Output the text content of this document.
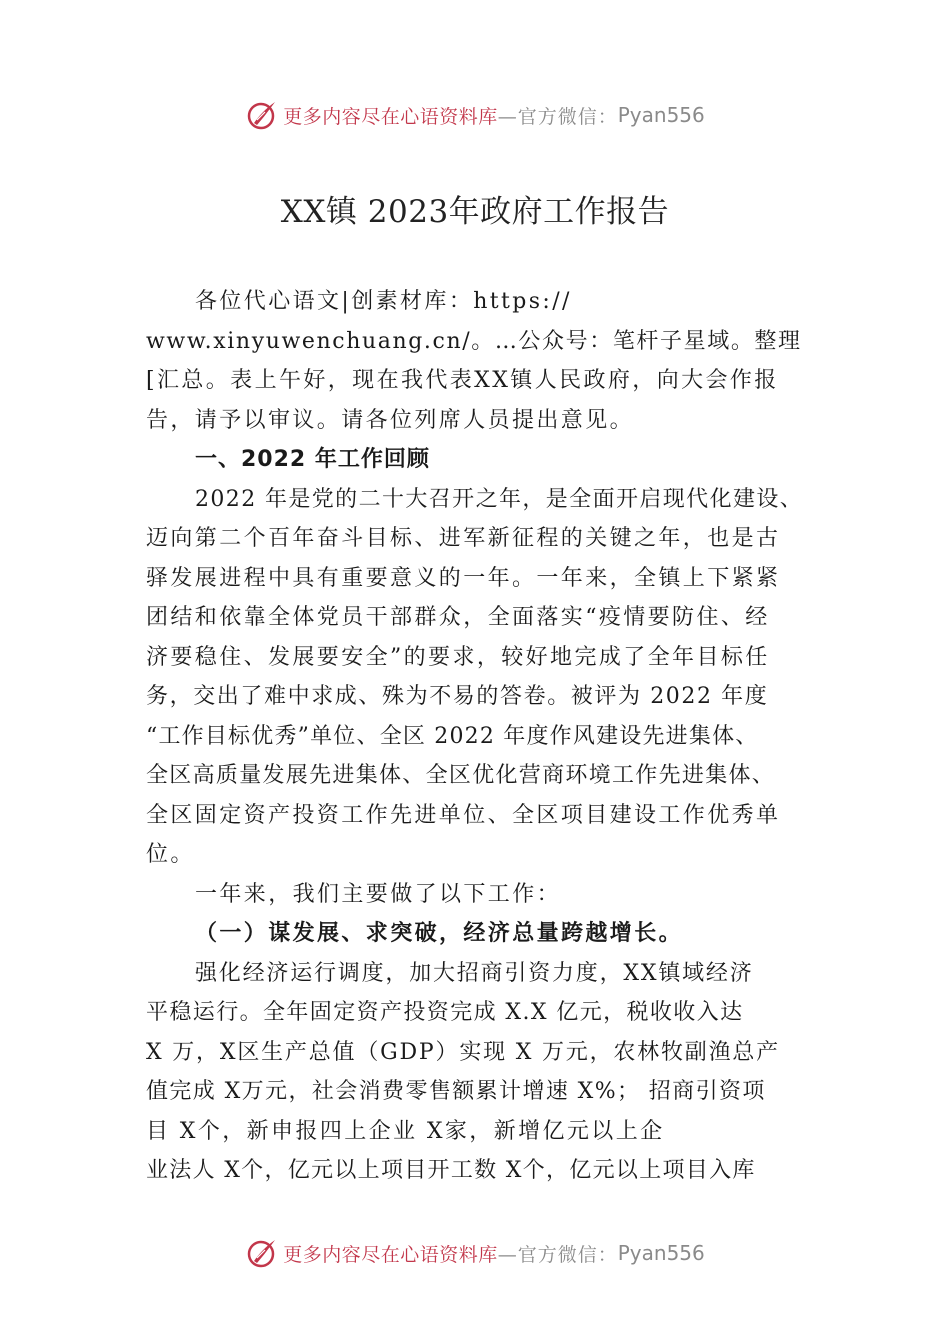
更多内容尽在心语资料库 —官方微信： Pyan556
XX镇 2023年政府工作报告
各位代心语文|创素材库：https://
www.xinyuwenchuang.cn/。…公众号：笔杆子星域。整理
[汇总。表上午好，现在我代表XX镇人民政府，向大会作报
告，请予以审议。请各位列席人员提出意见。
一、2022 年工作回顾
2022 年是党的二十大召开之年，是全面开启现代化建设、
迈向第二个百年奋斗目标、进军新征程的关键之年，也是古
驿发展进程中具有重要意义的一年。一年来，全镇上下紧紧
团结和依靠全体党员干部群众，全面落实“疫情要防住、经
济要稳住、发展要安全”的要求，较好地完成了全年目标任
务，交出了难中求成、殊为不易的答卷。被评为 2022 年度
“工作目标优秀”单位、全区 2022 年度作风建设先进集体、
全区高质量发展先进集体、全区优化营商环境工作先进集体、
全区固定资产投资工作先进单位、全区项目建设工作优秀单
位。
一年来，我们主要做了以下工作：
（一）谋发展、求突破，经济总量跨越增长。
强化经济运行调度，加大招商引资力度，XX镇域经济
平稳运行。全年固定资产投资完成 X.X 亿元，税收收入达
X 万，X区生产总值（GDP）实现 X 万元，农林牧副渔总产
值完成 X万元，社会消费零售额累计增速 X%； 招商引资项
目 X个，新申报四上企业 X家，新增亿元以上企
业法人 X个，亿元以上项目开工数 X个，亿元以上项目入库
更多内容尽在心语资料库 —官方微信： Pyan556
